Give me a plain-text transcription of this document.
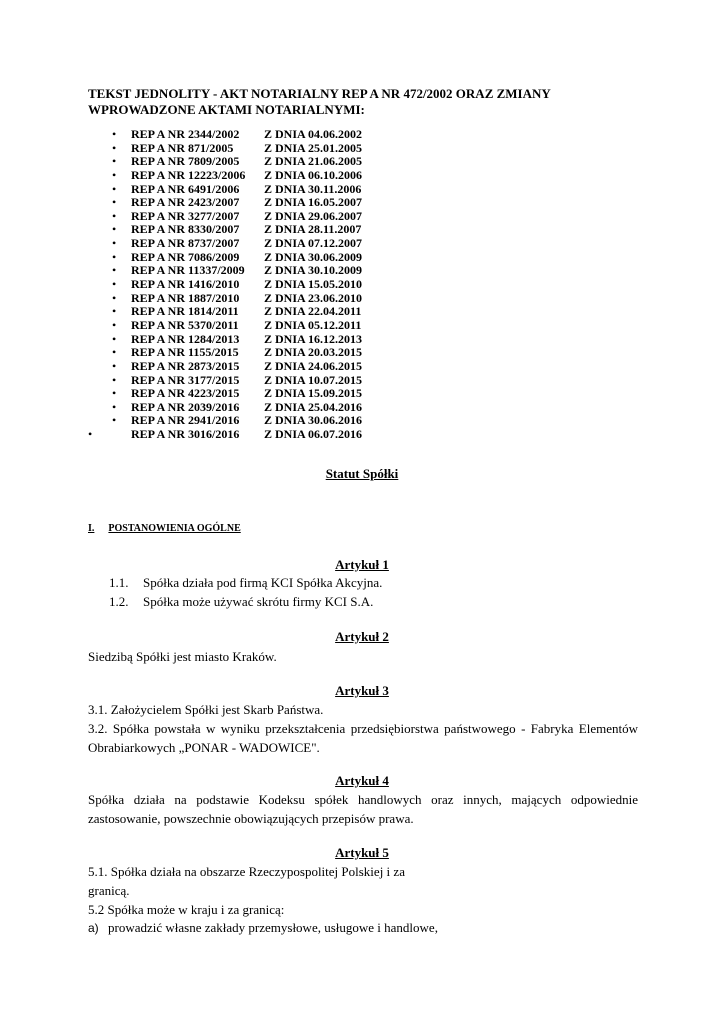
TEKST JEDNOLITY - AKT NOTARIALNY REP A NR 472/2002 ORAZ ZMIANY
WPROWADZONE AKTAMI NOTARIALNYMI:
• REP A NR 2344/2002 Z DNIA 04.06.2002
• REP A NR 871/2005	Z DNIA 25.01.2005
• REP A NR 7809/2005 Z DNIA 21.06.2005
• REP A NR 12223/2006 Z DNIA 06.10.2006
• REP A NR 6491/2006 Z DNIA 30.11.2006
• REP A NR 2423/2007 Z DNIA 16.05.2007
• REP A NR 3277/2007 Z DNIA 29.06.2007
• REP A NR 8330/2007 Z DNIA 28.11.2007
• REP A NR 8737/2007 Z DNIA 07.12.2007
• REP A NR 7086/2009 Z DNIA 30.06.2009
• REP A NR 11337/2009 Z DNIA 30.10.2009
• REP A NR 1416/2010 Z DNIA 15.05.2010
• REP A NR 1887/2010 Z DNIA 23.06.2010
• REP A NR 1814/2011 Z DNIA 22.04.2011
• REP A NR 5370/2011 Z DNIA 05.12.2011
• REP A NR 1284/2013 Z DNIA 16.12.2013
• REP A NR 1155/2015 Z DNIA 20.03.2015
• REP A NR 2873/2015 Z DNIA 24.06.2015
• REP A NR 3177/2015 Z DNIA 10.07.2015
• REP A NR 4223/2015 Z DNIA 15.09.2015
• REP A NR 2039/2016 Z DNIA 25.04.2016
• REP A NR 2941/2016 Z DNIA 30.06.2016
•	REP A NR 3016/2016 Z DNIA 06.07.2016
Statut Spółki
I. POSTANOWIENIA OGÓLNE
Artykuł 1
1.1. Spółka działa pod firmą KCI Spółka Akcyjna.
1.2. Spółka może używać skrótu firmy KCI S.A.
Artykuł 2
Siedzibą Spółki jest miasto Kraków.
Artykuł 3
3.1. Założycielem Spółki jest Skarb Państwa.
3.2. Spółka powstała w wyniku przekształcenia przedsiębiorstwa państwowego - Fabryka Elementów Obrabiarkowych „PONAR - WADOWICE".
Artykuł 4
Spółka działa na podstawie Kodeksu spółek handlowych oraz innych, mających odpowiednie zastosowanie, powszechnie obowiązujących przepisów prawa.
Artykuł 5
5.1. Spółka działa na obszarze Rzeczypospolitej Polskiej i za
granicą.
5.2 Spółka może w kraju i za granicą:
a) prowadzić własne zakłady przemysłowe, usługowe i handlowe,
